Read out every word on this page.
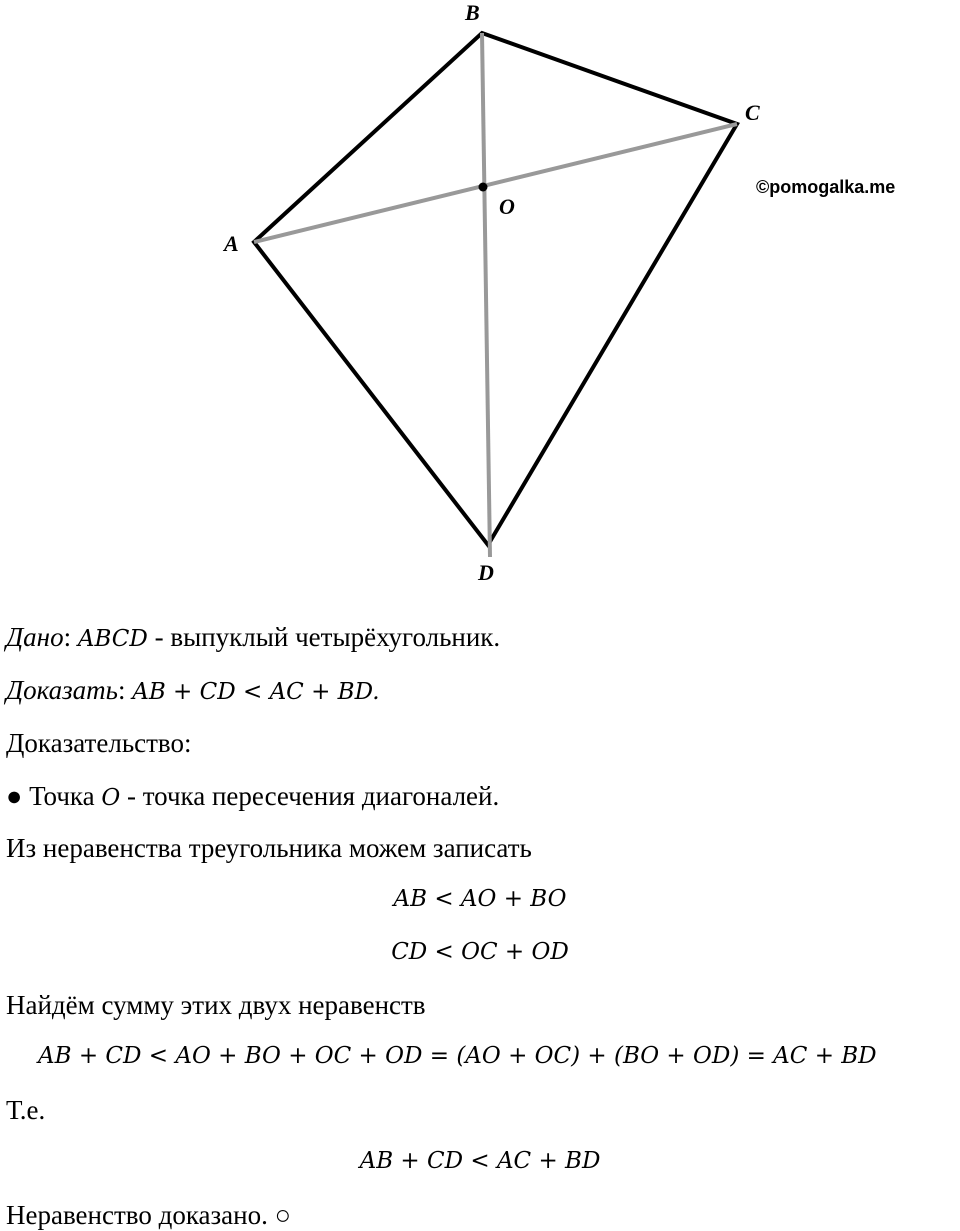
B
C
A
D
O
©pomogalka.me
Дано: ABCD - выпуклый четырёхугольник.
Доказать: AB + CD < AC + BD.
Доказательство:
● Точка O - точка пересечения диагоналей.
Из неравенства треугольника можем записать
AB < AO + BO
CD < OC + OD
Найдём сумму этих двух неравенств
AB + CD < AO + BO + OC + OD = (AO + OC) + (BO + OD) = AC + BD
Т.е.
AB + CD < AC + BD
Неравенство доказано. ○
